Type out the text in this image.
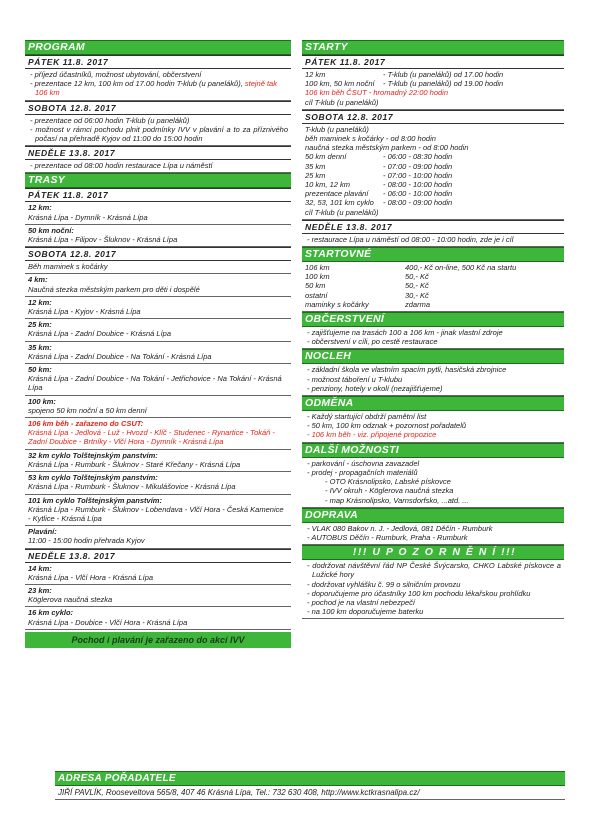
PROGRAM
PÁTEK 11.8. 2017
- příjezd účastníků, možnost ubytování, občerstvení
- prezentace 12 km, 100 km od 17.00 hodin T-klub (u paneláků), stejně tak 106 km
SOBOTA 12.8. 2017
- prezentace od 06:00 hodin T-klub (u paneláků)
- možnost v rámci pochodu plnit podmínky IVV v plavání a to za příznivého počasí na přehradě Kyjov od 11:00 do 15:00 hodin
NEDĚLE 13.8. 2017
- prezentace od 08:00 hodin restaurace Lípa u náměstí
TRASY
PÁTEK 11.8. 2017
12 km:
Krásná Lípa - Dymník - Krásná Lípa
50 km noční:
Krásná Lípa - Filipov - Šluknov - Krásná Lípa
SOBOTA 12.8. 2017
Běh maminek s kočárky
4 km:
Naučná stezka městským parkem pro děti i dospělé
12 km:
Krásná Lípa - Kyjov - Krásná Lípa
25 km:
Krásná Lípa - Zadní Doubice - Krásná Lípa
35 km:
Krásná Lípa - Zadní Doubice - Na Tokání - Krásná Lípa
50 km:
Krásná Lípa - Zadní Doubice - Na Tokání - Jetřichovice - Na Tokání - Krásná Lípa
100 km:
spojeno 50 km noční a 50 km denní
106 km běh - zařazeno do CSUT:
Krásná Lípa - Jedlová - Luž - Hvozd - Klíč - Studenec - Rynartice - Tokáň - Zadní Doubice - Brtníky - Vlčí Hora - Dymník - Krásná Lípa
32 km cyklo Tolštejnským panstvím:
Krásná Lípa - Rumburk - Šluknov - Staré Křečany - Krásná Lípa
53 km cyklo Tolštejnským panstvím:
Krásná Lípa - Rumburk - Šluknov - Mikulášovice - Krásná Lípa
101 km cyklo Tolštejnským panstvím:
Krásná Lípa - Rumburk - Šluknov - Lobendava - Vlčí Hora - Česká Kamenice - Kytlice - Krásná Lípa
Plavání:
11:00 - 15:00 hodin přehrada Kyjov
NEDĚLE 13.8. 2017
14 km:
Krásná Lípa - Vlčí Hora - Krásná Lípa
23 km:
Köglerova naučná stezka
16 km cyklo:
Krásná Lípa - Doubice - Vlčí Hora - Krásná Lípa
Pochod i plavání je zařazeno do akcí IVV
STARTY
PÁTEK 11.8. 2017
12 km	- T-klub (u paneláků) od 17.00 hodin
100 km, 50 km noční	- T-klub (u paneláků) od 19.00 hodin
106 km běh ČSUT - hromadný 22:00 hodin
cíl T-klub (u paneláků)
SOBOTA 12.8. 2017
T-klub (u paneláků)
běh maminek s kočárky - od 8:00 hodin
naučná stezka městským parkem - od 8:00 hodin
50 km denní	- 06:00 - 08:30 hodin
35 km	- 07:00 - 09:00 hodin
25 km	- 07:00 - 10:00 hodin
10 km, 12 km	- 08:00 - 10:00 hodin
prezentace plavání	- 06:00 - 10:00 hodin
32, 53, 101 km cyklo	- 08:00 - 09:00 hodin
cíl T-klub (u paneláků)
NEDĚLE 13.8. 2017
- restaurace Lípa u náměstí od 08:00 - 10:00 hodin, zde je i cíl
STARTOVNÉ
106 km	400,- Kč on-line, 500 Kč na startu
100 km	50,- Kč
50 km	50,- Kč
ostatní	30,- Kč
maminky s kočárky	zdarma
OBČERSTVENÍ
- zajišťujeme na trasách 100 a 106 km - jinak vlastní zdroje
- občerstvení v cíli, po cestě restaurace
NOCLEH
- základní škola ve vlastním spacím pytli, hasičská zbrojnice
- možnost táboření u T-klubu
- penziony, hotely v okolí (nezajišťujeme)
ODMĚNA
- Každý startující obdrží pamětní list
- 50 km, 100 km odznak + pozornost pořadatelů
- 106 km běh - viz. připojené propozice
DALŠÍ MOŽNOSTI
- parkování - úschovna zavazadel
- prodej - propagačních materiálů
- OTO Krásnolipsko, Labské pískovce
- IVV okruh - Köglerova naučná stezka
- map Krásnolipsko, Varnsdorfsko, ...atd. ...
DOPRAVA
- VLAK 080 Bakov n. J. - Jedlová, 081 Děčín - Rumburk
- AUTOBUS Děčín - Rumburk, Praha - Rumburk
!!! U P O Z O R N Ě N Í !!!
- dodržovat návštěvní řád NP České Švýcarsko, CHKO Labské pískovce a Lužické hory
- dodržovat vyhlášku č. 99 o silničním provozu
- doporučujeme pro účastníky 100 km pochodu lékařskou prohlídku
- pochod je na vlastní nebezpečí
- na 100 km doporučujeme baterku
ADRESA POŘADATELE
JIŘÍ PAVLÍK, Rooseveltova 565/8, 407 46 Krásná Lípa, Tel.: 732 630 408, http://www.kctkrasnalipa.cz/
